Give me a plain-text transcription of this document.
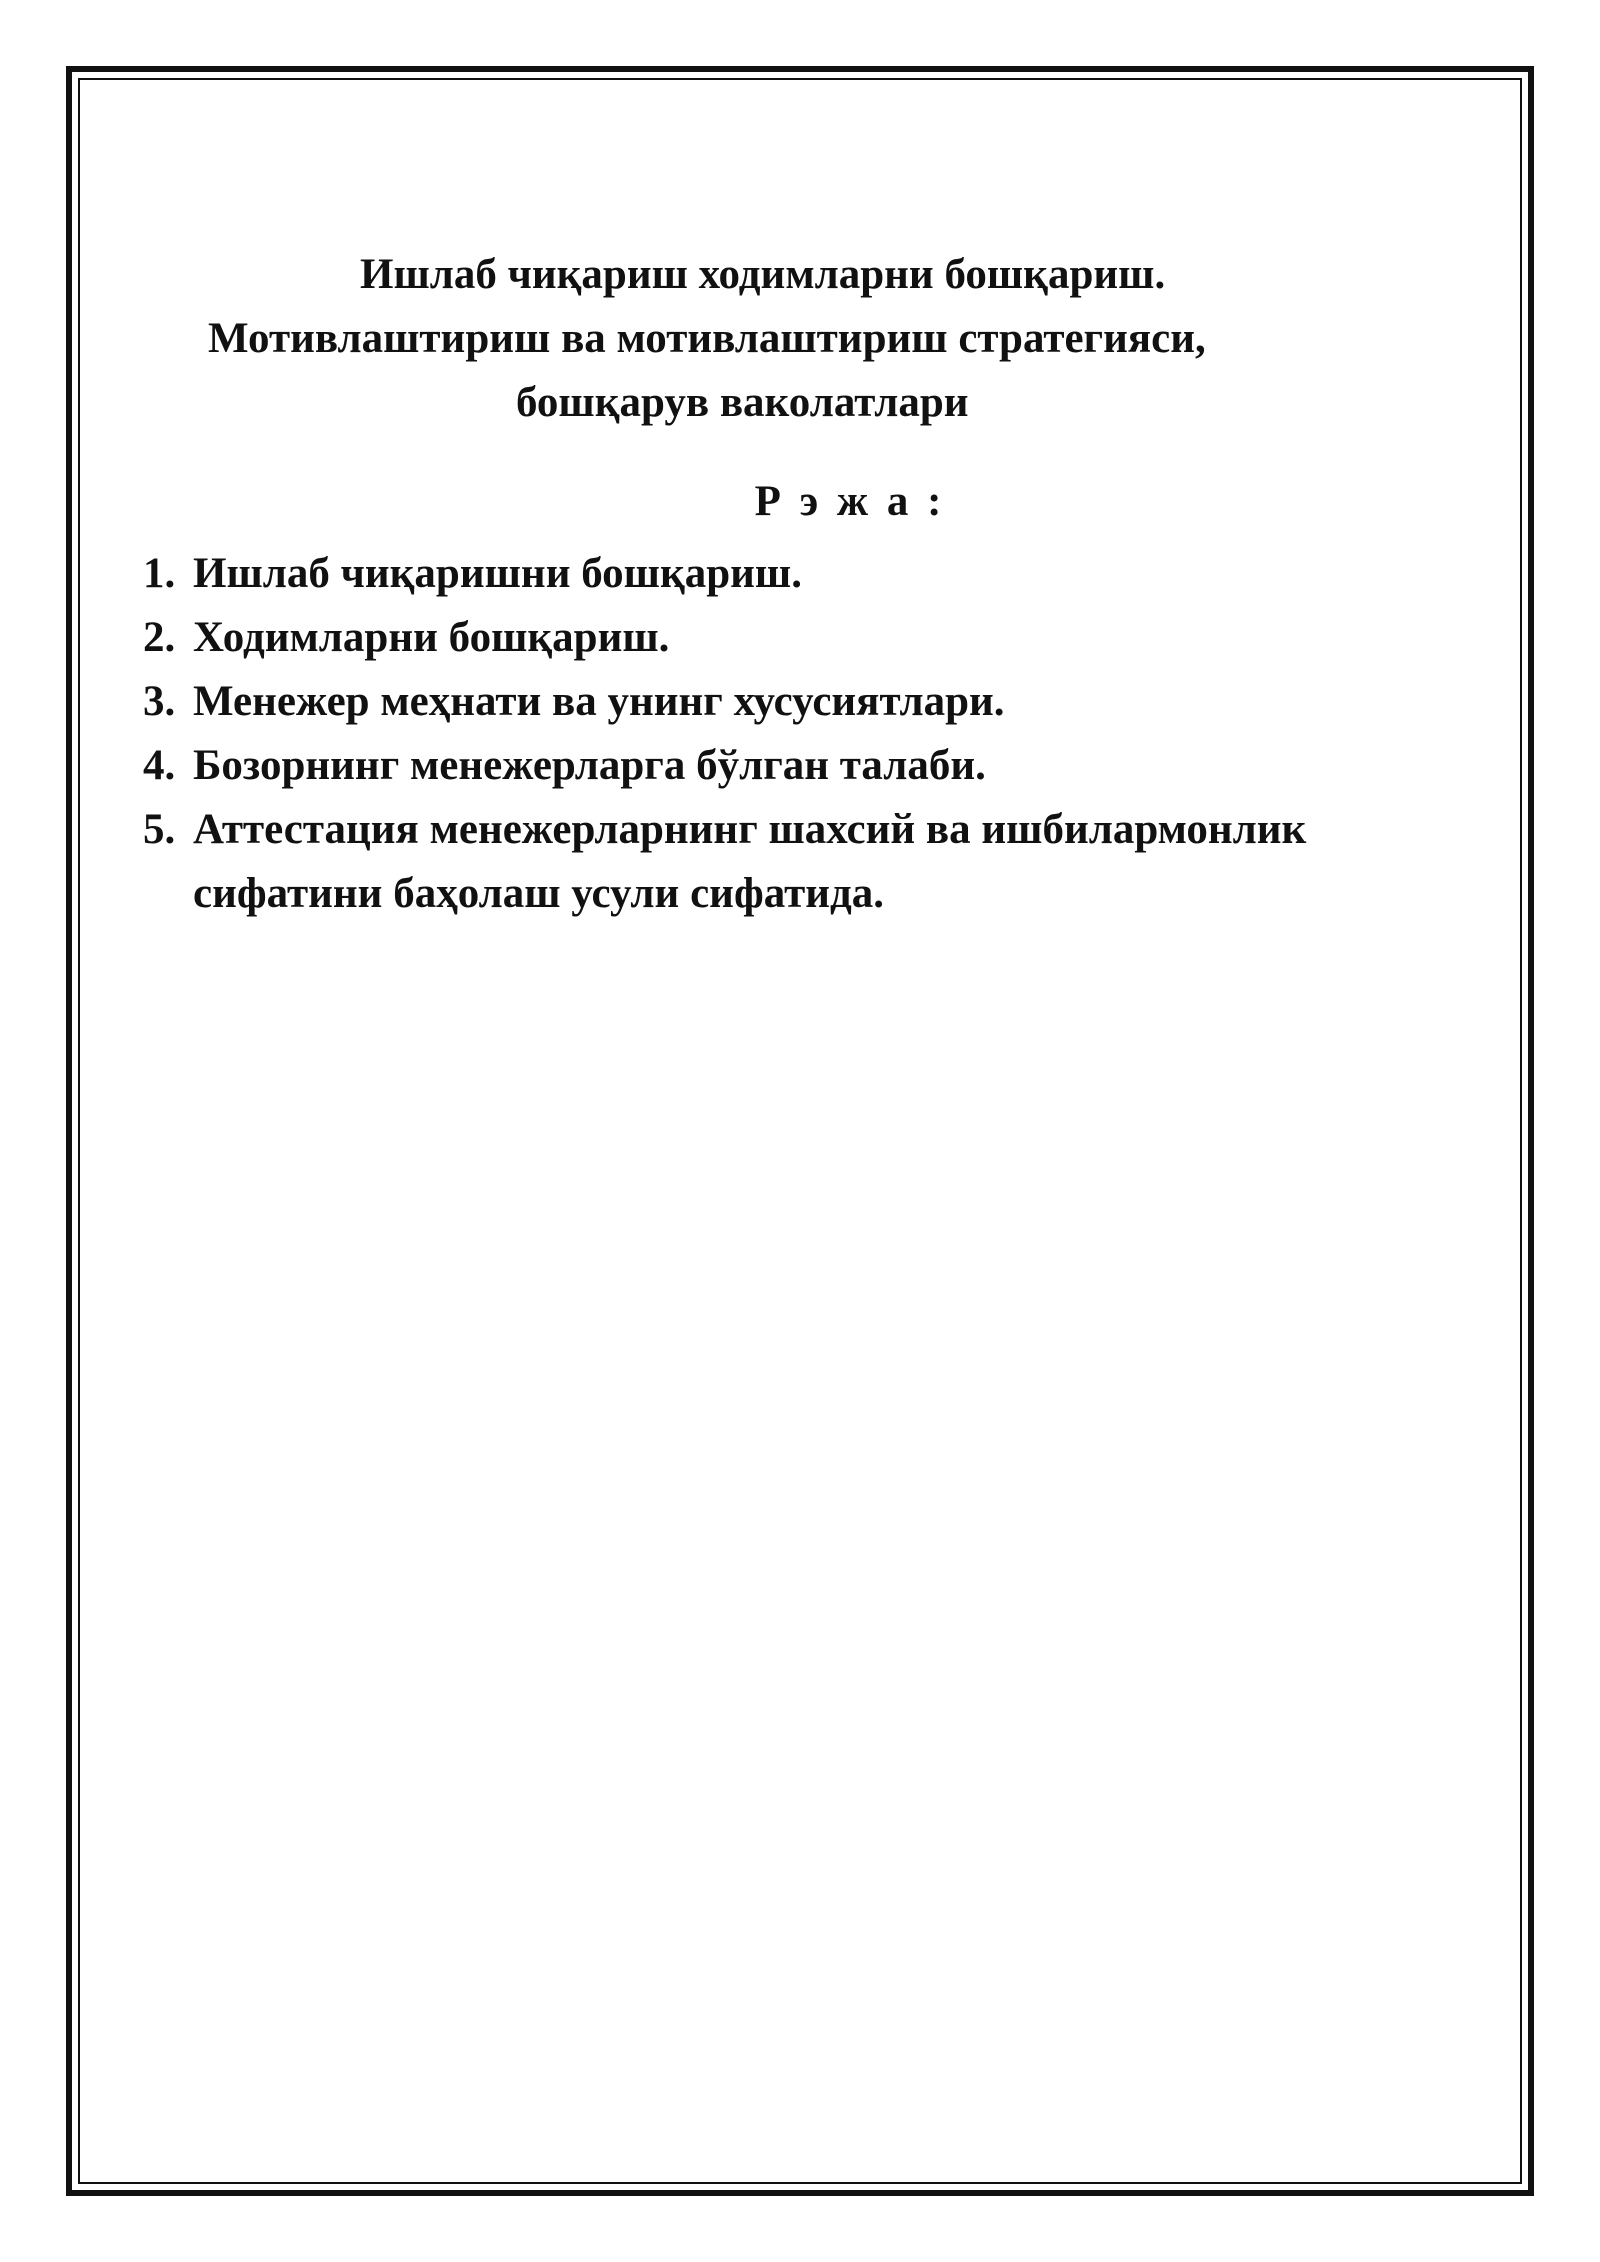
Ишлаб чиқариш ходимларни бошқариш.
Мотивлаштириш ва мотивлаштириш стратегияси,
бошқарув ваколатлари
Р э ж а :
1. Ишлаб чиқаришни бошқариш.
2. Ходимларни бошқариш.
3. Менежер меҳнати ва унинг хусусиятлари.
4. Бозорнинг менежерларга бўлган талаби.
5. Аттестация менежерларнинг шахсий ва ишбилармонлик сифатини баҳолаш усули сифатида.
